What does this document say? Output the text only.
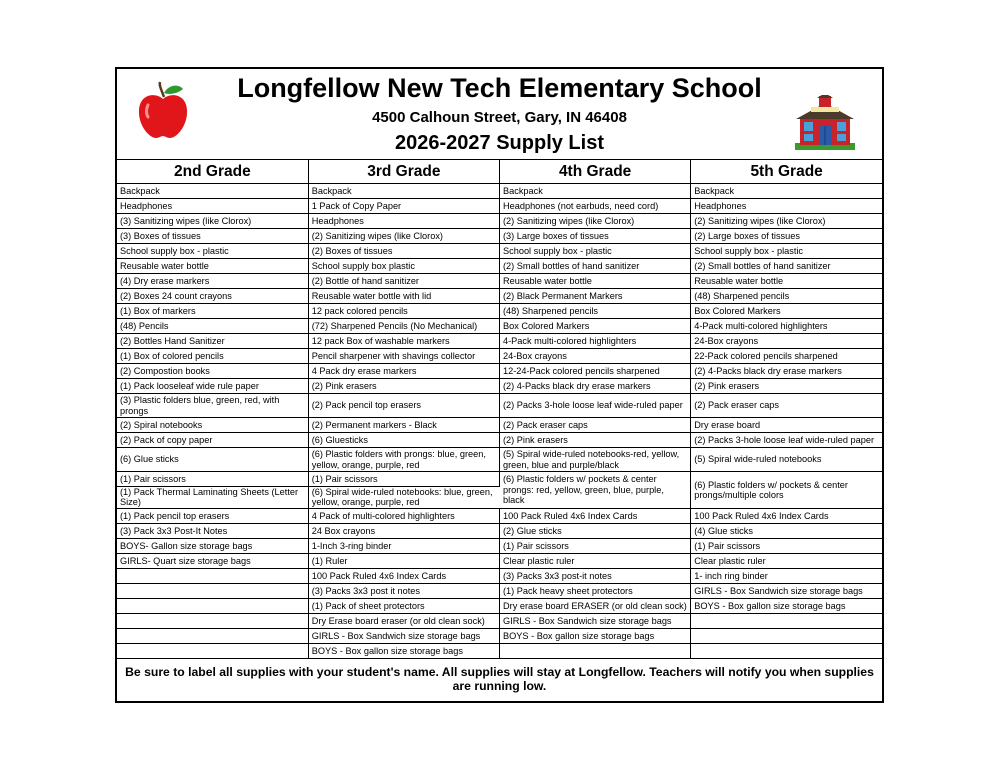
Longfellow New Tech Elementary School
4500 Calhoun Street, Gary, IN 46408
2026-2027 Supply List
2nd Grade	3rd Grade	4th Grade	5th Grade
Backpack	Backpack	Backpack	Backpack
Headphones	1 Pack of Copy Paper	Headphones (not earbuds, need cord)	Headphones
(3) Sanitizing wipes (like Clorox)	Headphones	(2) Sanitizing wipes (like Clorox)	(2) Sanitizing wipes (like Clorox)
(3) Boxes of tissues	(2) Sanitizing wipes (like Clorox)	(3) Large boxes of tissues	(2) Large boxes of tissues
School supply box - plastic	(2) Boxes of tissues	School supply box - plastic	School supply box - plastic
Reusable water bottle	School supply box plastic	(2) Small bottles of hand sanitizer	(2) Small bottles of hand sanitizer
(4) Dry erase markers	(2) Bottle of hand sanitizer	Reusable water bottle	Reusable water bottle
(2) Boxes 24 count crayons	Reusable water bottle with lid	(2) Black Permanent Markers	(48) Sharpened pencils
(1) Box of markers	12 pack colored pencils	(48) Sharpened pencils	Box Colored Markers
(48) Pencils	(72) Sharpened Pencils (No Mechanical)	Box Colored Markers	4-Pack multi-colored highlighters
(2) Bottles Hand Sanitizer	12 pack Box of washable markers	4-Pack multi-colored highlighters	24-Box crayons
(1) Box of colored pencils	Pencil sharpener with shavings collector	24-Box crayons	22-Pack colored pencils sharpened
(2) Compostion books	4 Pack dry erase markers	12-24-Pack colored pencils sharpened	(2) 4-Packs black dry erase markers
(1) Pack looseleaf wide rule paper	(2) Pink erasers	(2) 4-Packs black dry erase markers	(2) Pink erasers
(3) Plastic folders blue, green, red, with prongs	(2) Pack pencil top erasers	(2) Packs 3-hole loose leaf wide-ruled paper	(2) Pack eraser caps
(2) Spiral notebooks	(2) Permanent markers - Black	(2) Pack eraser caps	Dry erase board
(2) Pack of copy paper	(6) Gluesticks	(2) Pink erasers	(2) Packs 3-hole loose leaf wide-ruled paper
(6) Glue sticks	(6) Plastic folders with prongs: blue, green, yellow, orange, purple, red	(5) Spiral wide-ruled notebooks-red, yellow, green, blue and purple/black	(5) Spiral wide-ruled notebooks
(1) Pair scissors	(1) Pair scissors	(6) Plastic folders w/ pockets & center prongs: red, yellow, green, blue, purple, black	(6) Plastic folders w/ pockets & center prongs/multiple colors
(1) Pack Thermal Laminating Sheets (Letter Size)	(6) Spiral wide-ruled notebooks: blue, green, yellow, orange, purple, red		
(1) Pack pencil top erasers	4 Pack of multi-colored highlighters	100 Pack Ruled 4x6 Index Cards	100 Pack Ruled 4x6 Index Cards
(3) Pack 3x3 Post-It Notes	24 Box crayons	(2) Glue sticks	(4) Glue sticks
BOYS- Gallon size storage bags	1-Inch 3-ring binder	(1) Pair scissors	(1) Pair scissors
GIRLS- Quart size storage bags	(1) Ruler	Clear plastic ruler	Clear plastic ruler
	100 Pack Ruled 4x6 Index Cards	(3) Packs 3x3 post-it notes	1- inch ring binder
	(3) Packs 3x3 post it notes	(1) Pack heavy sheet protectors	GIRLS - Box Sandwich size storage bags
	(1) Pack of sheet protectors	Dry erase board ERASER (or old clean sock)	BOYS - Box gallon size storage bags
	Dry Erase board eraser (or old clean sock)	GIRLS - Box Sandwich size storage bags	
	GIRLS - Box Sandwich size storage bags	BOYS - Box gallon size storage bags	
	BOYS - Box gallon size storage bags		
Be sure to label all supplies with your student's name. All supplies will stay at Longfellow. Teachers will notify you when supplies are running low.
